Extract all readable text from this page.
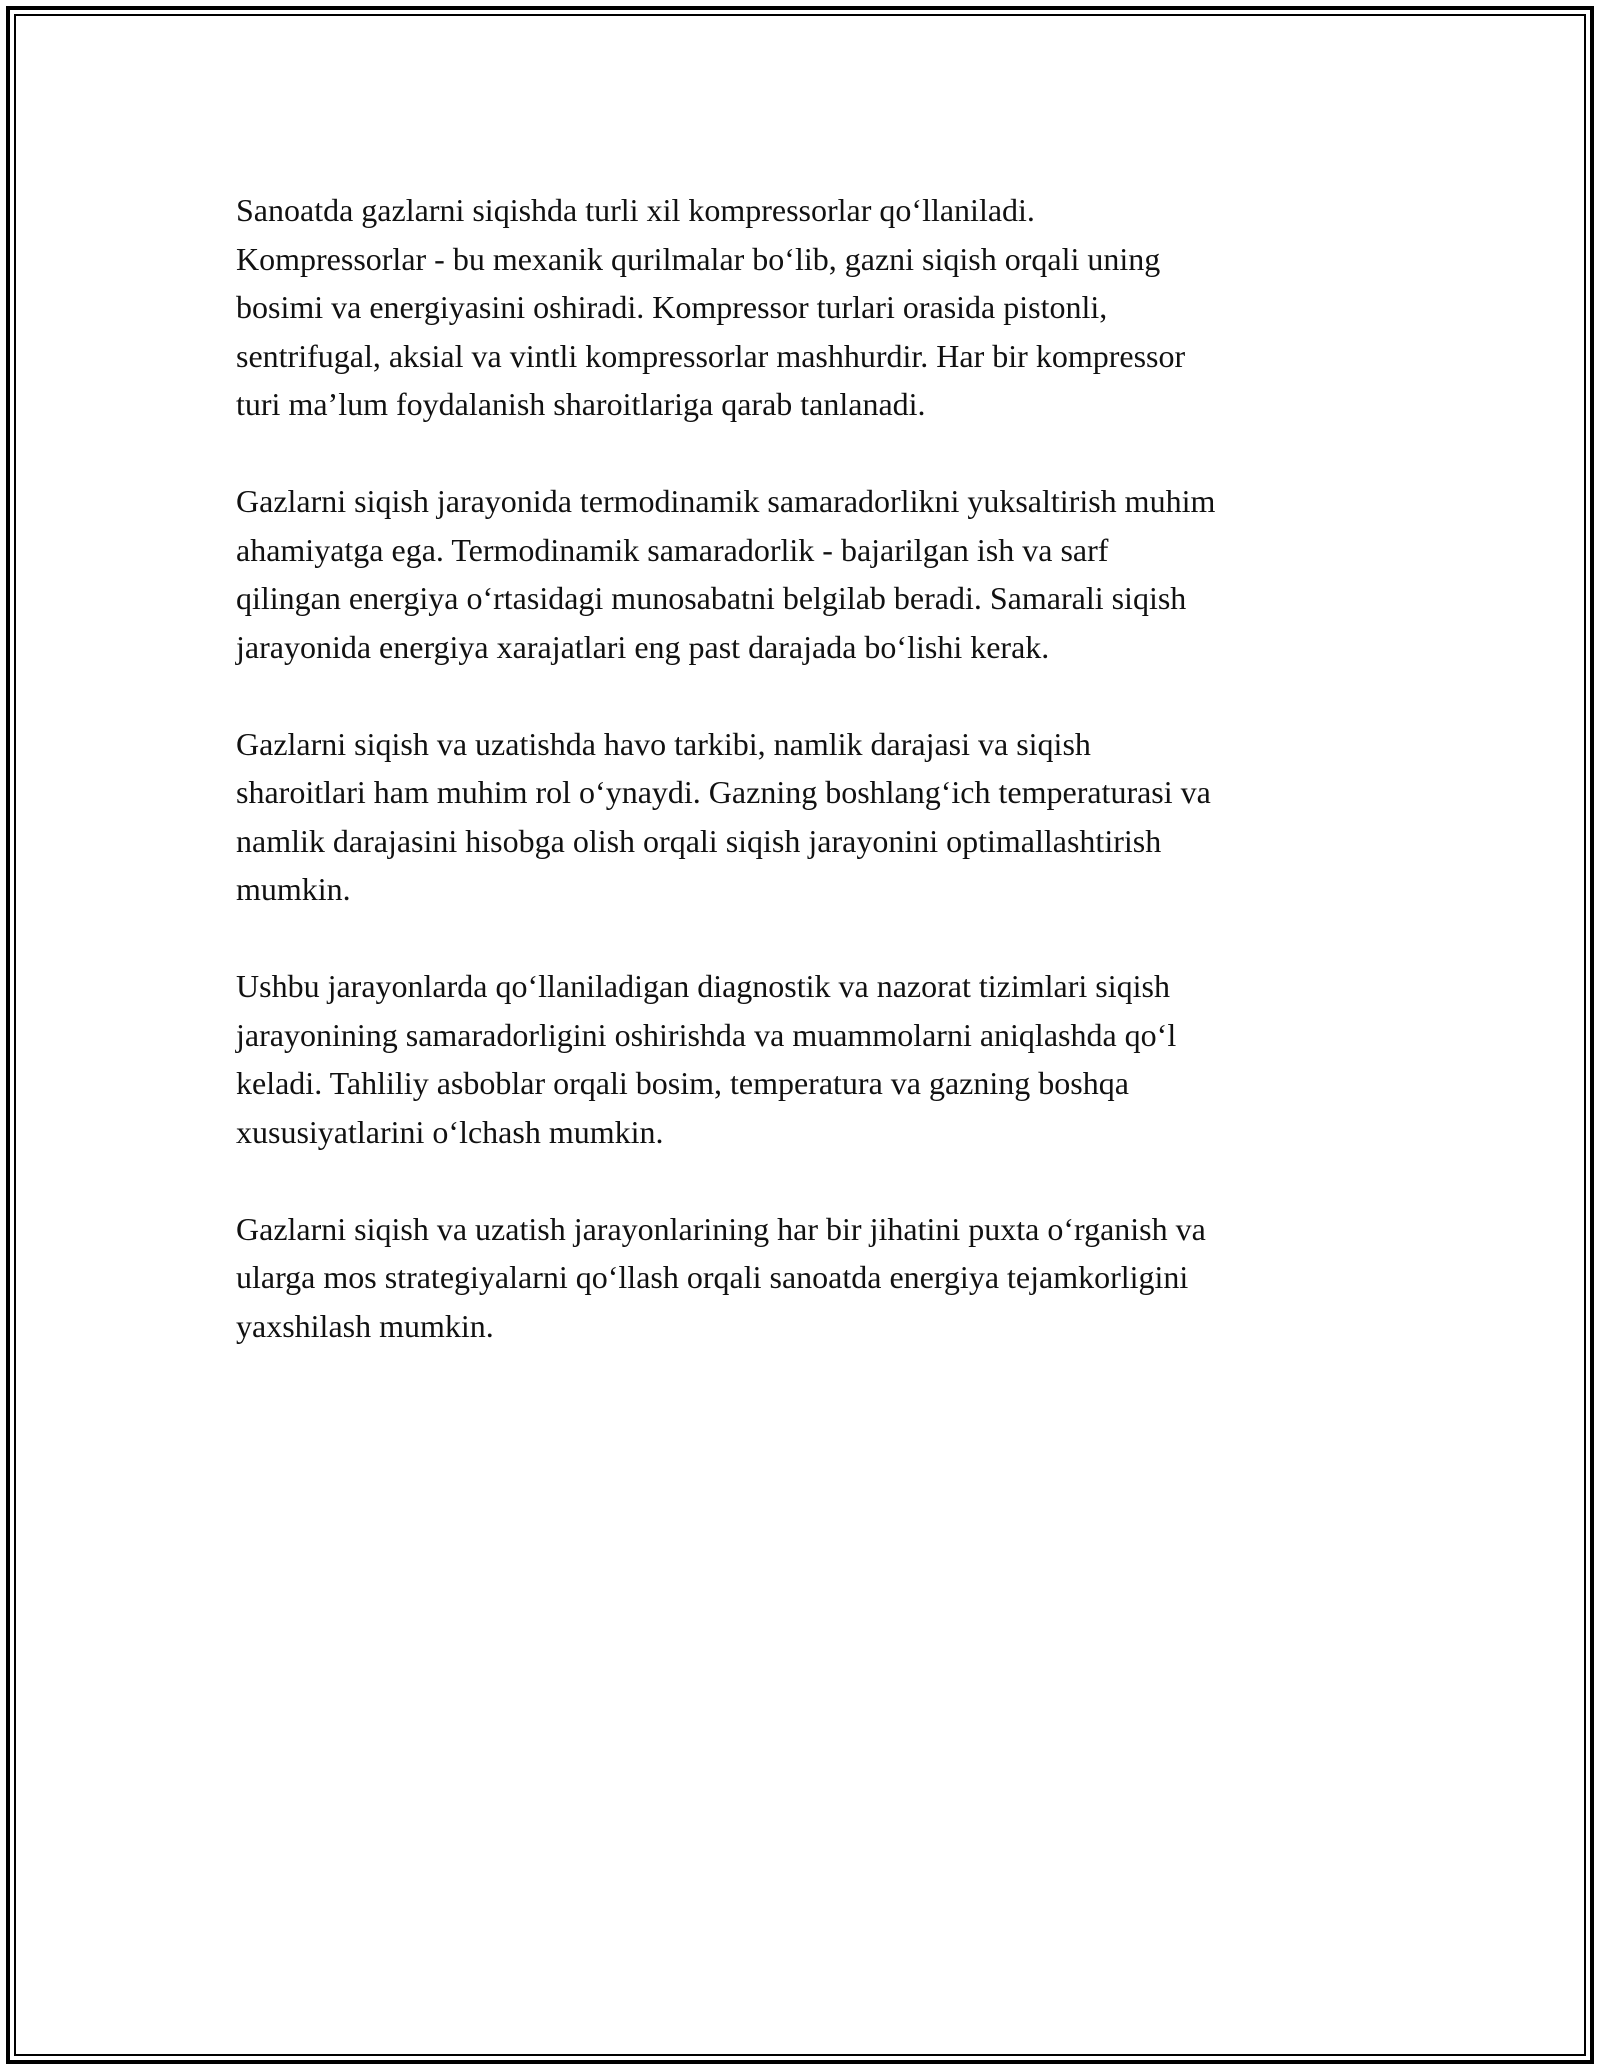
Sanoatda gazlarni siqishda turli xil kompressorlar qo‘llaniladi.
Kompressorlar - bu mexanik qurilmalar bo‘lib, gazni siqish orqali uning
bosimi va energiyasini oshiradi. Kompressor turlari orasida pistonli,
sentrifugal, aksial va vintli kompressorlar mashhurdir. Har bir kompressor
turi ma’lum foydalanish sharoitlariga qarab tanlanadi.

Gazlarni siqish jarayonida termodinamik samaradorlikni yuksaltirish muhim
ahamiyatga ega. Termodinamik samaradorlik - bajarilgan ish va sarf
qilingan energiya o‘rtasidagi munosabatni belgilab beradi. Samarali siqish
jarayonida energiya xarajatlari eng past darajada bo‘lishi kerak.

Gazlarni siqish va uzatishda havo tarkibi, namlik darajasi va siqish
sharoitlari ham muhim rol o‘ynaydi. Gazning boshlang‘ich temperaturasi va
namlik darajasini hisobga olish orqali siqish jarayonini optimallashtirish
mumkin.

Ushbu jarayonlarda qo‘llaniladigan diagnostik va nazorat tizimlari siqish
jarayonining samaradorligini oshirishda va muammolarni aniqlashda qo‘l
keladi. Tahliliy asboblar orqali bosim, temperatura va gazning boshqa
xususiyatlarini o‘lchash mumkin.

Gazlarni siqish va uzatish jarayonlarining har bir jihatini puxta o‘rganish va
ularga mos strategiyalarni qo‘llash orqali sanoatda energiya tejamkorligini
yaxshilash mumkin.
